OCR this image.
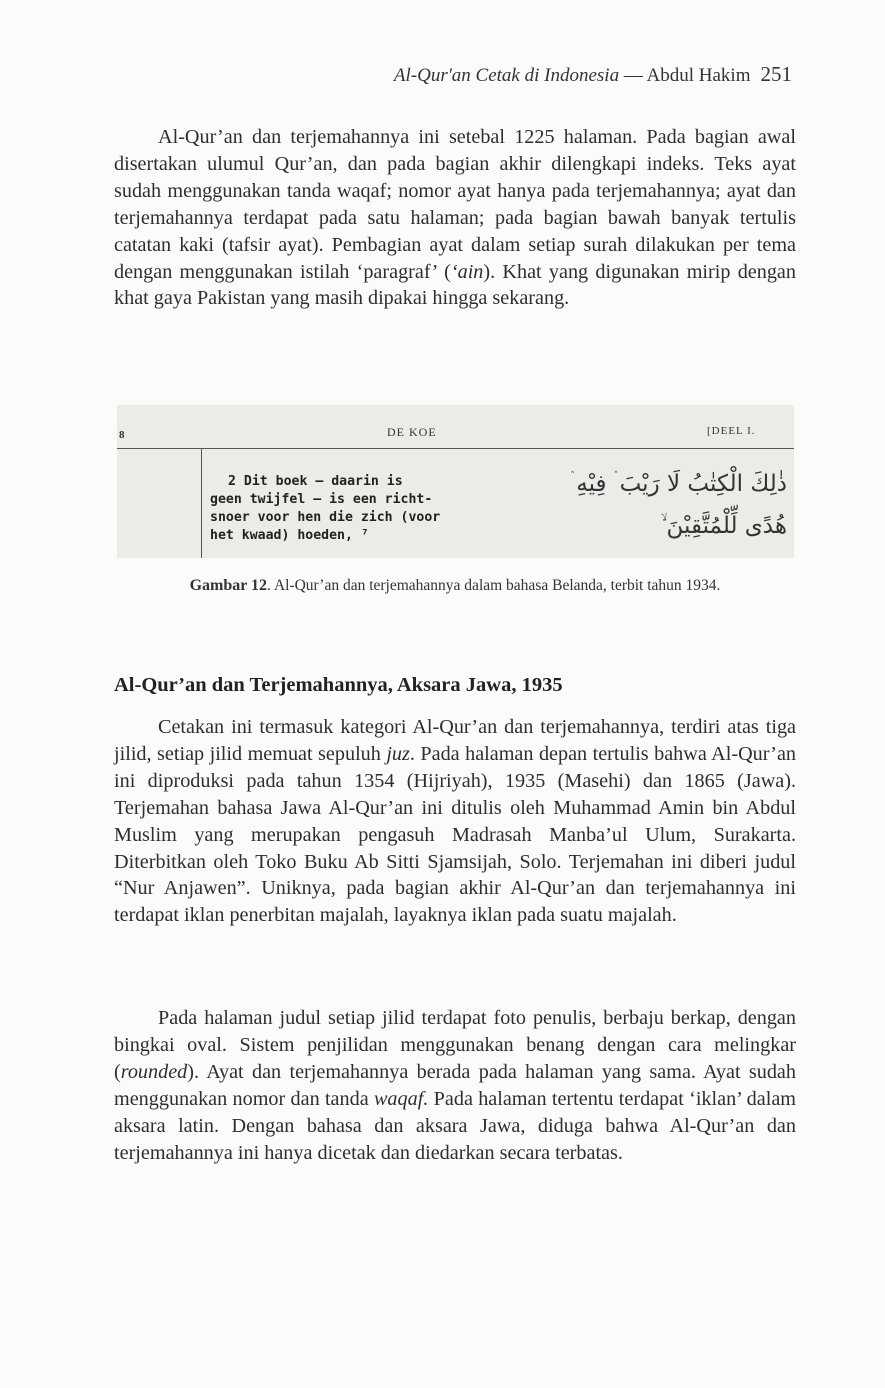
Al-Qur'an Cetak di Indonesia — Abdul Hakim 251

Al-Qur’an dan terjemahannya ini setebal 1225 halaman. Pada bagian awal disertakan ulumul Qur’an, dan pada bagian akhir dilengkapi indeks. Teks ayat sudah menggunakan tanda waqaf; nomor ayat hanya pada terjemahannya; ayat dan terjemahannya terdapat pada satu halaman; pada bagian bawah banyak tertulis catatan kaki (tafsir ayat). Pembagian ayat dalam setiap surah dilakukan per tema dengan menggunakan istilah ‘paragraf’ (‘ain). Khat yang digunakan mirip dengan khat gaya Pakistan yang masih dipakai hingga sekarang.

8	DE KOE	[DEEL I.
2 Dit boek — daarin is
geen twijfel — is een richt-
snoer voor hen die zich (voor
het kwaad) hoeden, ⁷
ذٰلِكَ الْكِتٰبُ لَا رَيْبَ ۛ فِيْهِ ۛ
هُدًى لِّلْمُتَّقِيْنَ ۙ
Gambar 12. Al-Qur’an dan terjemahannya dalam bahasa Belanda, terbit tahun 1934.
Al-Qur’an dan Terjemahannya, Aksara Jawa, 1935

Cetakan ini termasuk kategori Al-Qur’an dan terjemahannya, terdiri atas tiga jilid, setiap jilid memuat sepuluh juz. Pada halaman depan tertulis bahwa Al-Qur’an ini diproduksi pada tahun 1354 (Hijriyah), 1935 (Masehi) dan 1865 (Jawa). Terjemahan bahasa Jawa Al-Qur’an ini ditulis oleh Muhammad Amin bin Abdul Muslim yang merupakan pengasuh Madrasah Manba’ul Ulum, Surakarta. Diterbitkan oleh Toko Buku Ab Sitti Sjamsijah, Solo. Terjemahan ini diberi judul “Nur Anjawen”. Uniknya, pada bagian akhir Al-Qur’an dan terjemahannya ini terdapat iklan penerbitan majalah, layaknya iklan pada suatu majalah.

Pada halaman judul setiap jilid terdapat foto penulis, berbaju berkap, dengan bingkai oval. Sistem penjilidan menggunakan benang dengan cara melingkar (rounded). Ayat dan terjemahannya berada pada halaman yang sama. Ayat sudah menggunakan nomor dan tanda waqaf. Pada halaman tertentu terdapat ‘iklan’ dalam aksara latin. Dengan bahasa dan aksara Jawa, diduga bahwa Al-Qur’an dan terjemahannya ini hanya dicetak dan diedarkan secara terbatas.
